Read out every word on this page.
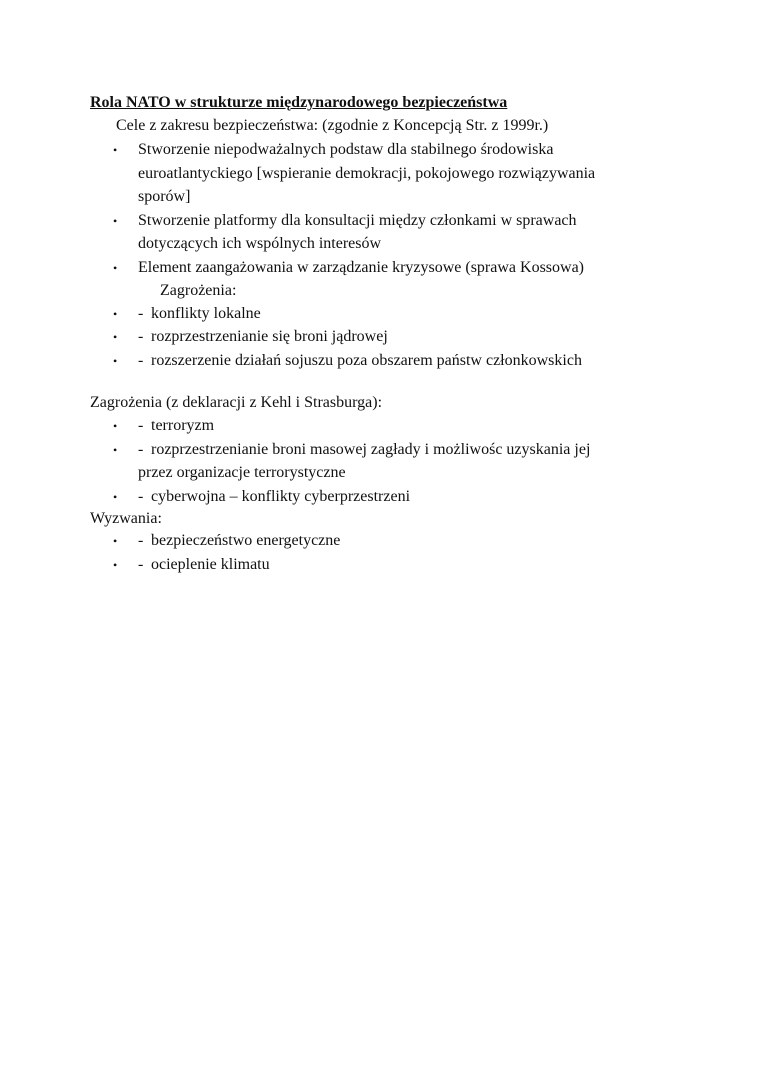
Rola NATO w strukturze międzynarodowego bezpieczeństwa
Cele z zakresu bezpieczeństwa: (zgodnie z Koncepcją Str. z 1999r.)
• Stworzenie niepodważalnych podstaw dla stabilnego środowiska
euroatlantyckiego [wspieranie demokracji, pokojowego rozwiązywania
sporów]
• Stworzenie platformy dla konsultacji między członkami w sprawach
dotyczących ich wspólnych interesów
• Element zaangażowania w zarządzanie kryzysowe (sprawa Kossowa)
Zagrożenia:
• - konflikty lokalne
• - rozprzestrzenianie się broni jądrowej
• - rozszerzenie działań sojuszu poza obszarem państw członkowskich
Zagrożenia (z deklaracji z Kehl i Strasburga):
• - terroryzm
• - rozprzestrzenianie broni masowej zagłady i możliwośc uzyskania jej
przez organizacje terrorystyczne
• - cyberwojna – konflikty cyberprzestrzeni
Wyzwania:
• - bezpieczeństwo energetyczne
• - ocieplenie klimatu
